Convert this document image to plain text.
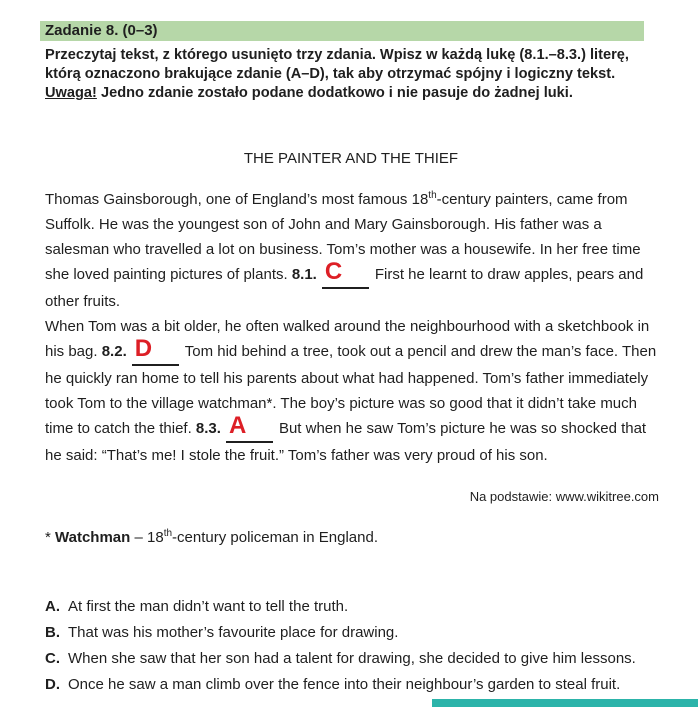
Zadanie 8. (0–3)
Przeczytaj tekst, z którego usunięto trzy zdania. Wpisz w każdą lukę (8.1.–8.3.) literę,
którą oznaczono brakujące zdanie (A–D), tak aby otrzymać spójny i logiczny tekst.
Uwaga! Jedno zdanie zostało podane dodatkowo i nie pasuje do żadnej luki.
THE PAINTER AND THE THIEF

Thomas Gainsborough, one of England’s most famous 18th-century painters, came from Suffolk. He was the youngest son of John and Mary Gainsborough. His father was a salesman who travelled a lot on business. Tom’s mother was a housewife. In her free time she loved painting pictures of plants. 8.1. C First he learnt to draw apples, pears and other fruits.

When Tom was a bit older, he often walked around the neighbourhood with a sketchbook in his bag. 8.2. D Tom hid behind a tree, took out a pencil and drew the man’s face. Then he quickly ran home to tell his parents about what had happened. Tom’s father immediately took Tom to the village watchman*. The boy’s picture was so good that it didn’t take much time to catch the thief. 8.3. A But when he saw Tom’s picture he was so shocked that he said: “That’s me! I stole the fruit.” Tom’s father was very proud of his son.

Na podstawie: www.wikitree.com
* Watchman – 18th-century policeman in England.
A. At first the man didn’t want to tell the truth.
B. That was his mother’s favourite place for drawing.
C. When she saw that her son had a talent for drawing, she decided to give him lessons.
D. Once he saw a man climb over the fence into their neighbour’s garden to steal fruit.
